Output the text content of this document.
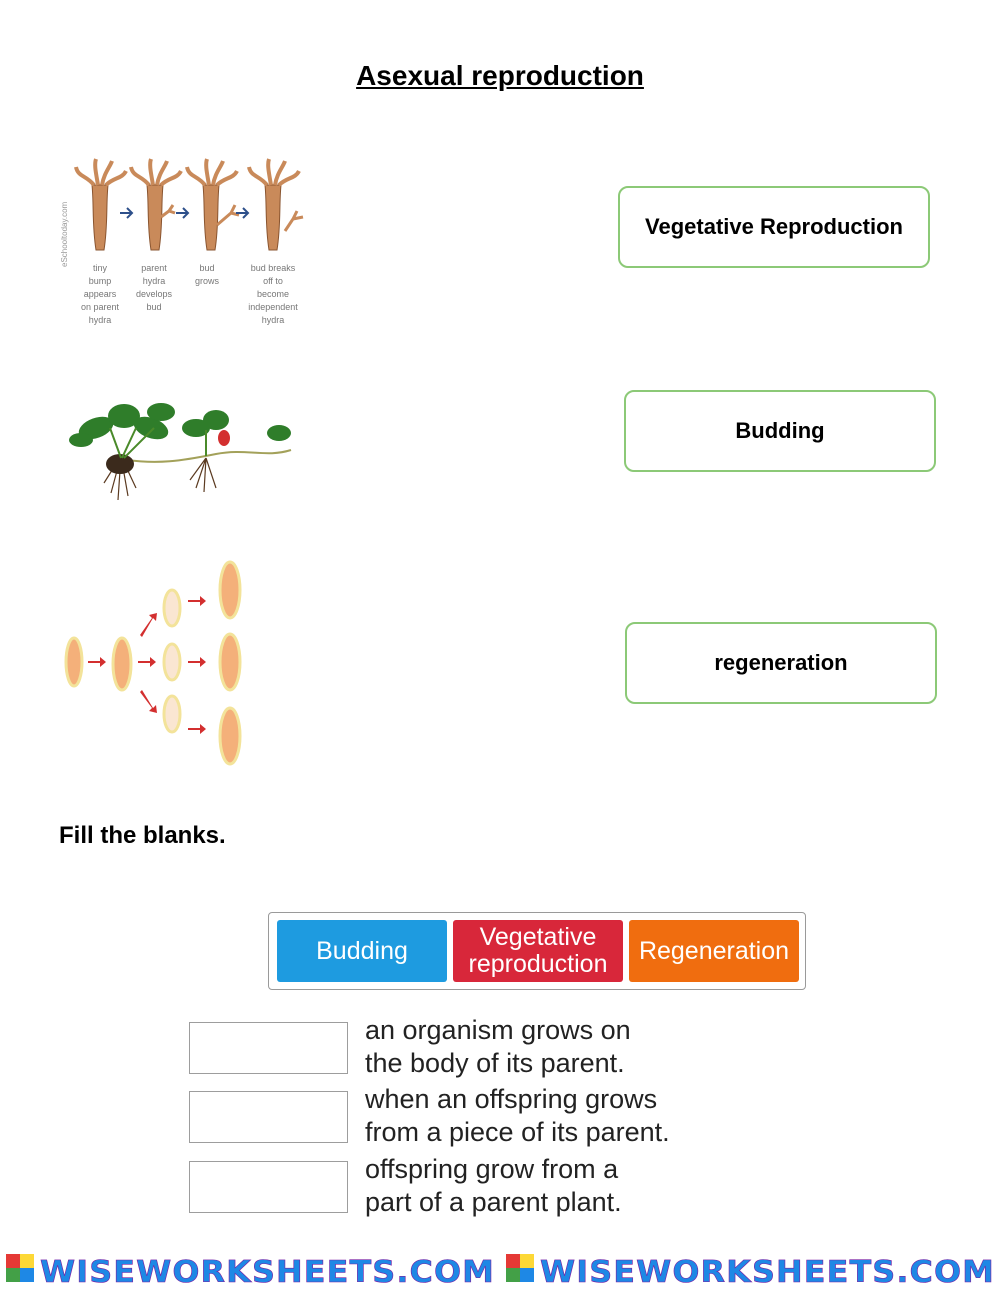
Asexual reproduction
eSchooltoday.com
tiny
bump
appears
on parent
hydra
parent
hydra
develops
bud
bud
grows
bud breaks
off to
become
independent
hydra
Vegetative Reproduction
Budding
regeneration
Fill the blanks.
Budding	Vegetative
reproduction	Regeneration
an organism grows on
the body of its parent.
when an offspring grows
from a piece of its parent.
offspring grow from a
part of a parent plant.
WISEWORKSHEETS.COM WISEWORKSHEETS.COM
